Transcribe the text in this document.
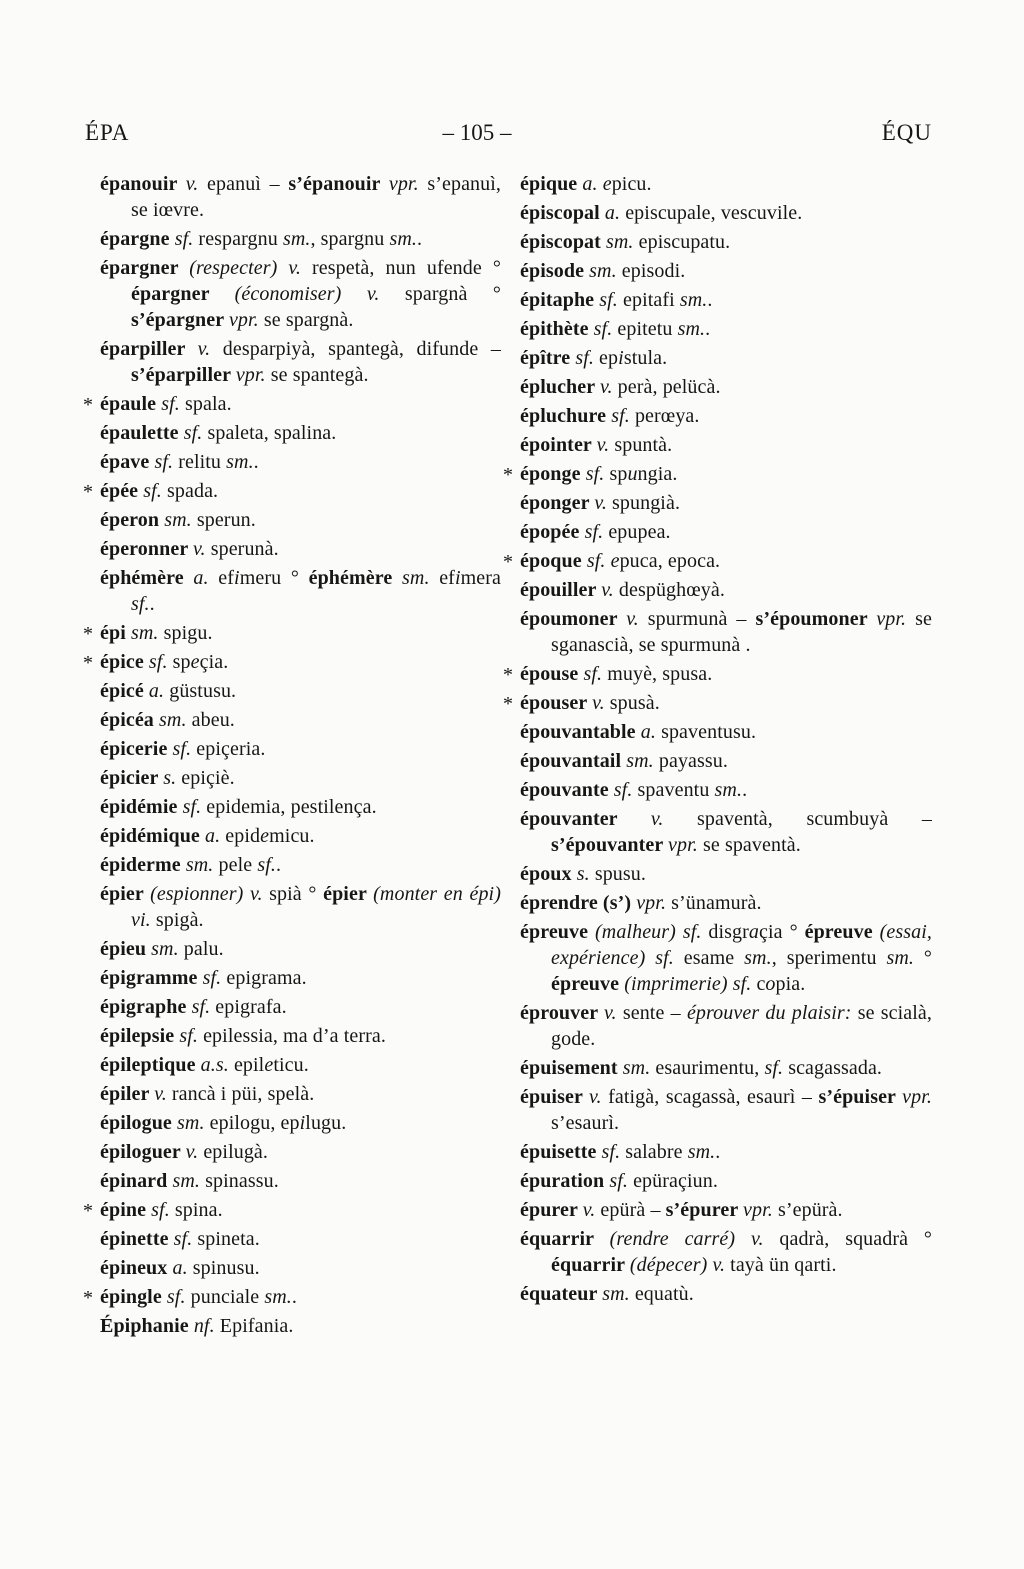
ÉPA	– 105 –	ÉQU
épanouir v. epanuì – s’épanouir vpr. s’epanuì, se iœvre.
épargne sf. respargnu sm., spargnu sm..
épargner (respecter) v. respetà, nun ufende ° épargner (économiser) v. spargnà ° s’épargner vpr. se spargnà.
éparpiller v. desparpiyà, spantegà, difunde – s’éparpiller vpr. se spantegà.
* épaule sf. spala.
épaulette sf. spaleta, spalina.
épave sf. relitu sm..
* épée sf. spada.
éperon sm. sperun.
éperonner v. sperunà.
éphémère a. efimeru ° éphémère sm. efimera sf..
* épi sm. spigu.
* épice sf. speçia.
épicé a. güstusu.
épicéa sm. abeu.
épicerie sf. epiçeria.
épicier s. epiçiè.
épidémie sf. epidemia, pestilença.
épidémique a. epidemicu.
épiderme sm. pele sf..
épier (espionner) v. spià ° épier (monter en épi) vi. spigà.
épieu sm. palu.
épigramme sf. epigrama.
épigraphe sf. epigrafa.
épilepsie sf. epilessia, ma d’a terra.
épileptique a.s. epileticu.
épiler v. rancà i püi, spelà.
épilogue sm. epilogu, epilugu.
épiloguer v. epilugà.
épinard sm. spinassu.
* épine sf. spina.
épinette sf. spineta.
épineux a. spinusu.
* épingle sf. punciale sm..
Épiphanie nf. Epifania.
épique a. epicu.
épiscopal a. episcupale, vescuvile.
épiscopat sm. episcupatu.
épisode sm. episodi.
épitaphe sf. epitafi sm..
épithète sf. epitetu sm..
épître sf. epistula.
éplucher v. perà, pelücà.
épluchure sf. perœya.
épointer v. spuntà.
* éponge sf. spungia.
éponger v. spungià.
épopée sf. epupea.
* époque sf. epuca, epoca.
épouiller v. despüghœyà.
époumoner v. spurmunà – s’époumoner vpr. se sganascià, se spurmunà .
* épouse sf. muyè, spusa.
* épouser v. spusà.
épouvantable a. spaventusu.
épouvantail sm. payassu.
épouvante sf. spaventu sm..
épouvanter v. spaventà, scumbuyà – s’épouvanter vpr. se spaventà.
époux s. spusu.
éprendre (s’) vpr. s’ünamurà.
épreuve (malheur) sf. disgraçia ° épreuve (essai, expérience) sf. esame sm., sperimentu sm. ° épreuve (imprimerie) sf. copia.
éprouver v. sente – éprouver du plaisir: se scialà, gode.
épuisement sm. esaurimentu, sf. scagassada.
épuiser v. fatigà, scagassà, esaurì – s’épuiser vpr. s’esaurì.
épuisette sf. salabre sm..
épuration sf. epüraçiun.
épurer v. epürà – s’épurer vpr. s’epürà.
équarrir (rendre carré) v. qadrà, squadrà ° équarrir (dépecer) v. tayà ün qarti.
équateur sm. equatù.
